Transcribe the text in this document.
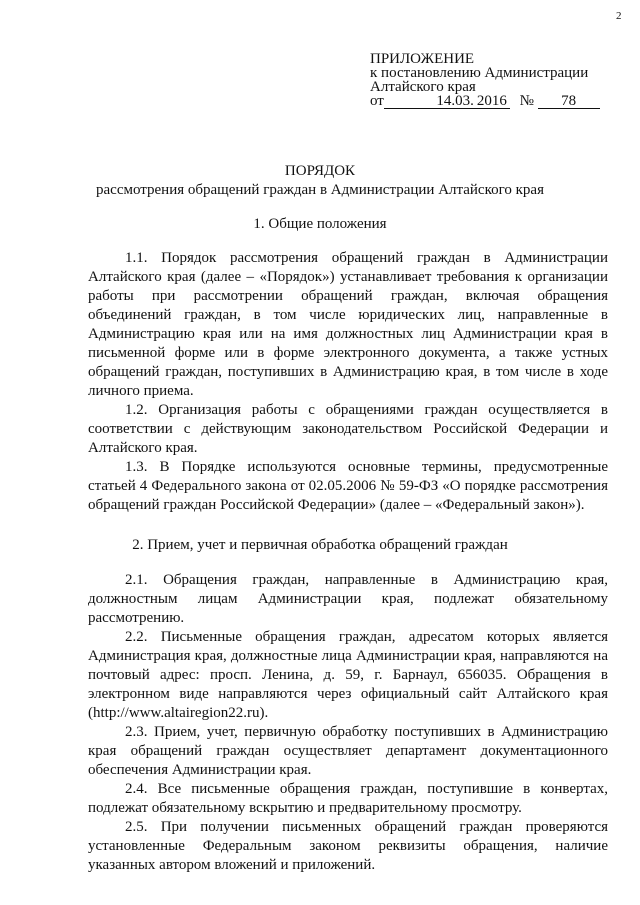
2
ПРИЛОЖЕНИЕ
к постановлению Администрации
Алтайского края
от	14.03. 2016 № 78
ПОРЯДОК
рассмотрения обращений граждан в Администрации Алтайского края
1. Общие положения

1.1. Порядок рассмотрения обращений граждан в Администрации Алтайского края (далее – «Порядок») устанавливает требования к организации работы при рассмотрении обращений граждан, включая обращения объединений граждан, в том числе юридических лиц, направленные в Администрацию края или на имя должностных лиц Администрации края в письменной форме или в форме электронного документа, а также устных обращений граждан, поступивших в Администрацию края, в том числе в ходе личного приема.

1.2. Организация работы с обращениями граждан осуществляется в соответствии с действующим законодательством Российской Федерации и Алтайского края.

1.3. В Порядке используются основные термины, предусмотренные статьей 4 Федерального закона от 02.05.2006 № 59-ФЗ «О порядке рассмотрения обращений граждан Российской Федерации» (далее – «Федеральный закон»).

2. Прием, учет и первичная обработка обращений граждан

2.1. Обращения граждан, направленные в Администрацию края, должностным лицам Администрации края, подлежат обязательному рассмотрению.

2.2. Письменные обращения граждан, адресатом которых является Администрация края, должностные лица Администрации края, направляются на почтовый адрес: просп. Ленина, д. 59, г. Барнаул, 656035. Обращения в электронном виде направляются через официальный сайт Алтайского края (http://www.altairegion22.ru).

2.3. Прием, учет, первичную обработку поступивших в Администрацию края обращений граждан осуществляет департамент документационного обеспечения Администрации края.

2.4. Все письменные обращения граждан, поступившие в конвертах, подлежат обязательному вскрытию и предварительному просмотру.

2.5. При получении письменных обращений граждан проверяются установленные Федеральным законом реквизиты обращения, наличие указанных автором вложений и приложений.
